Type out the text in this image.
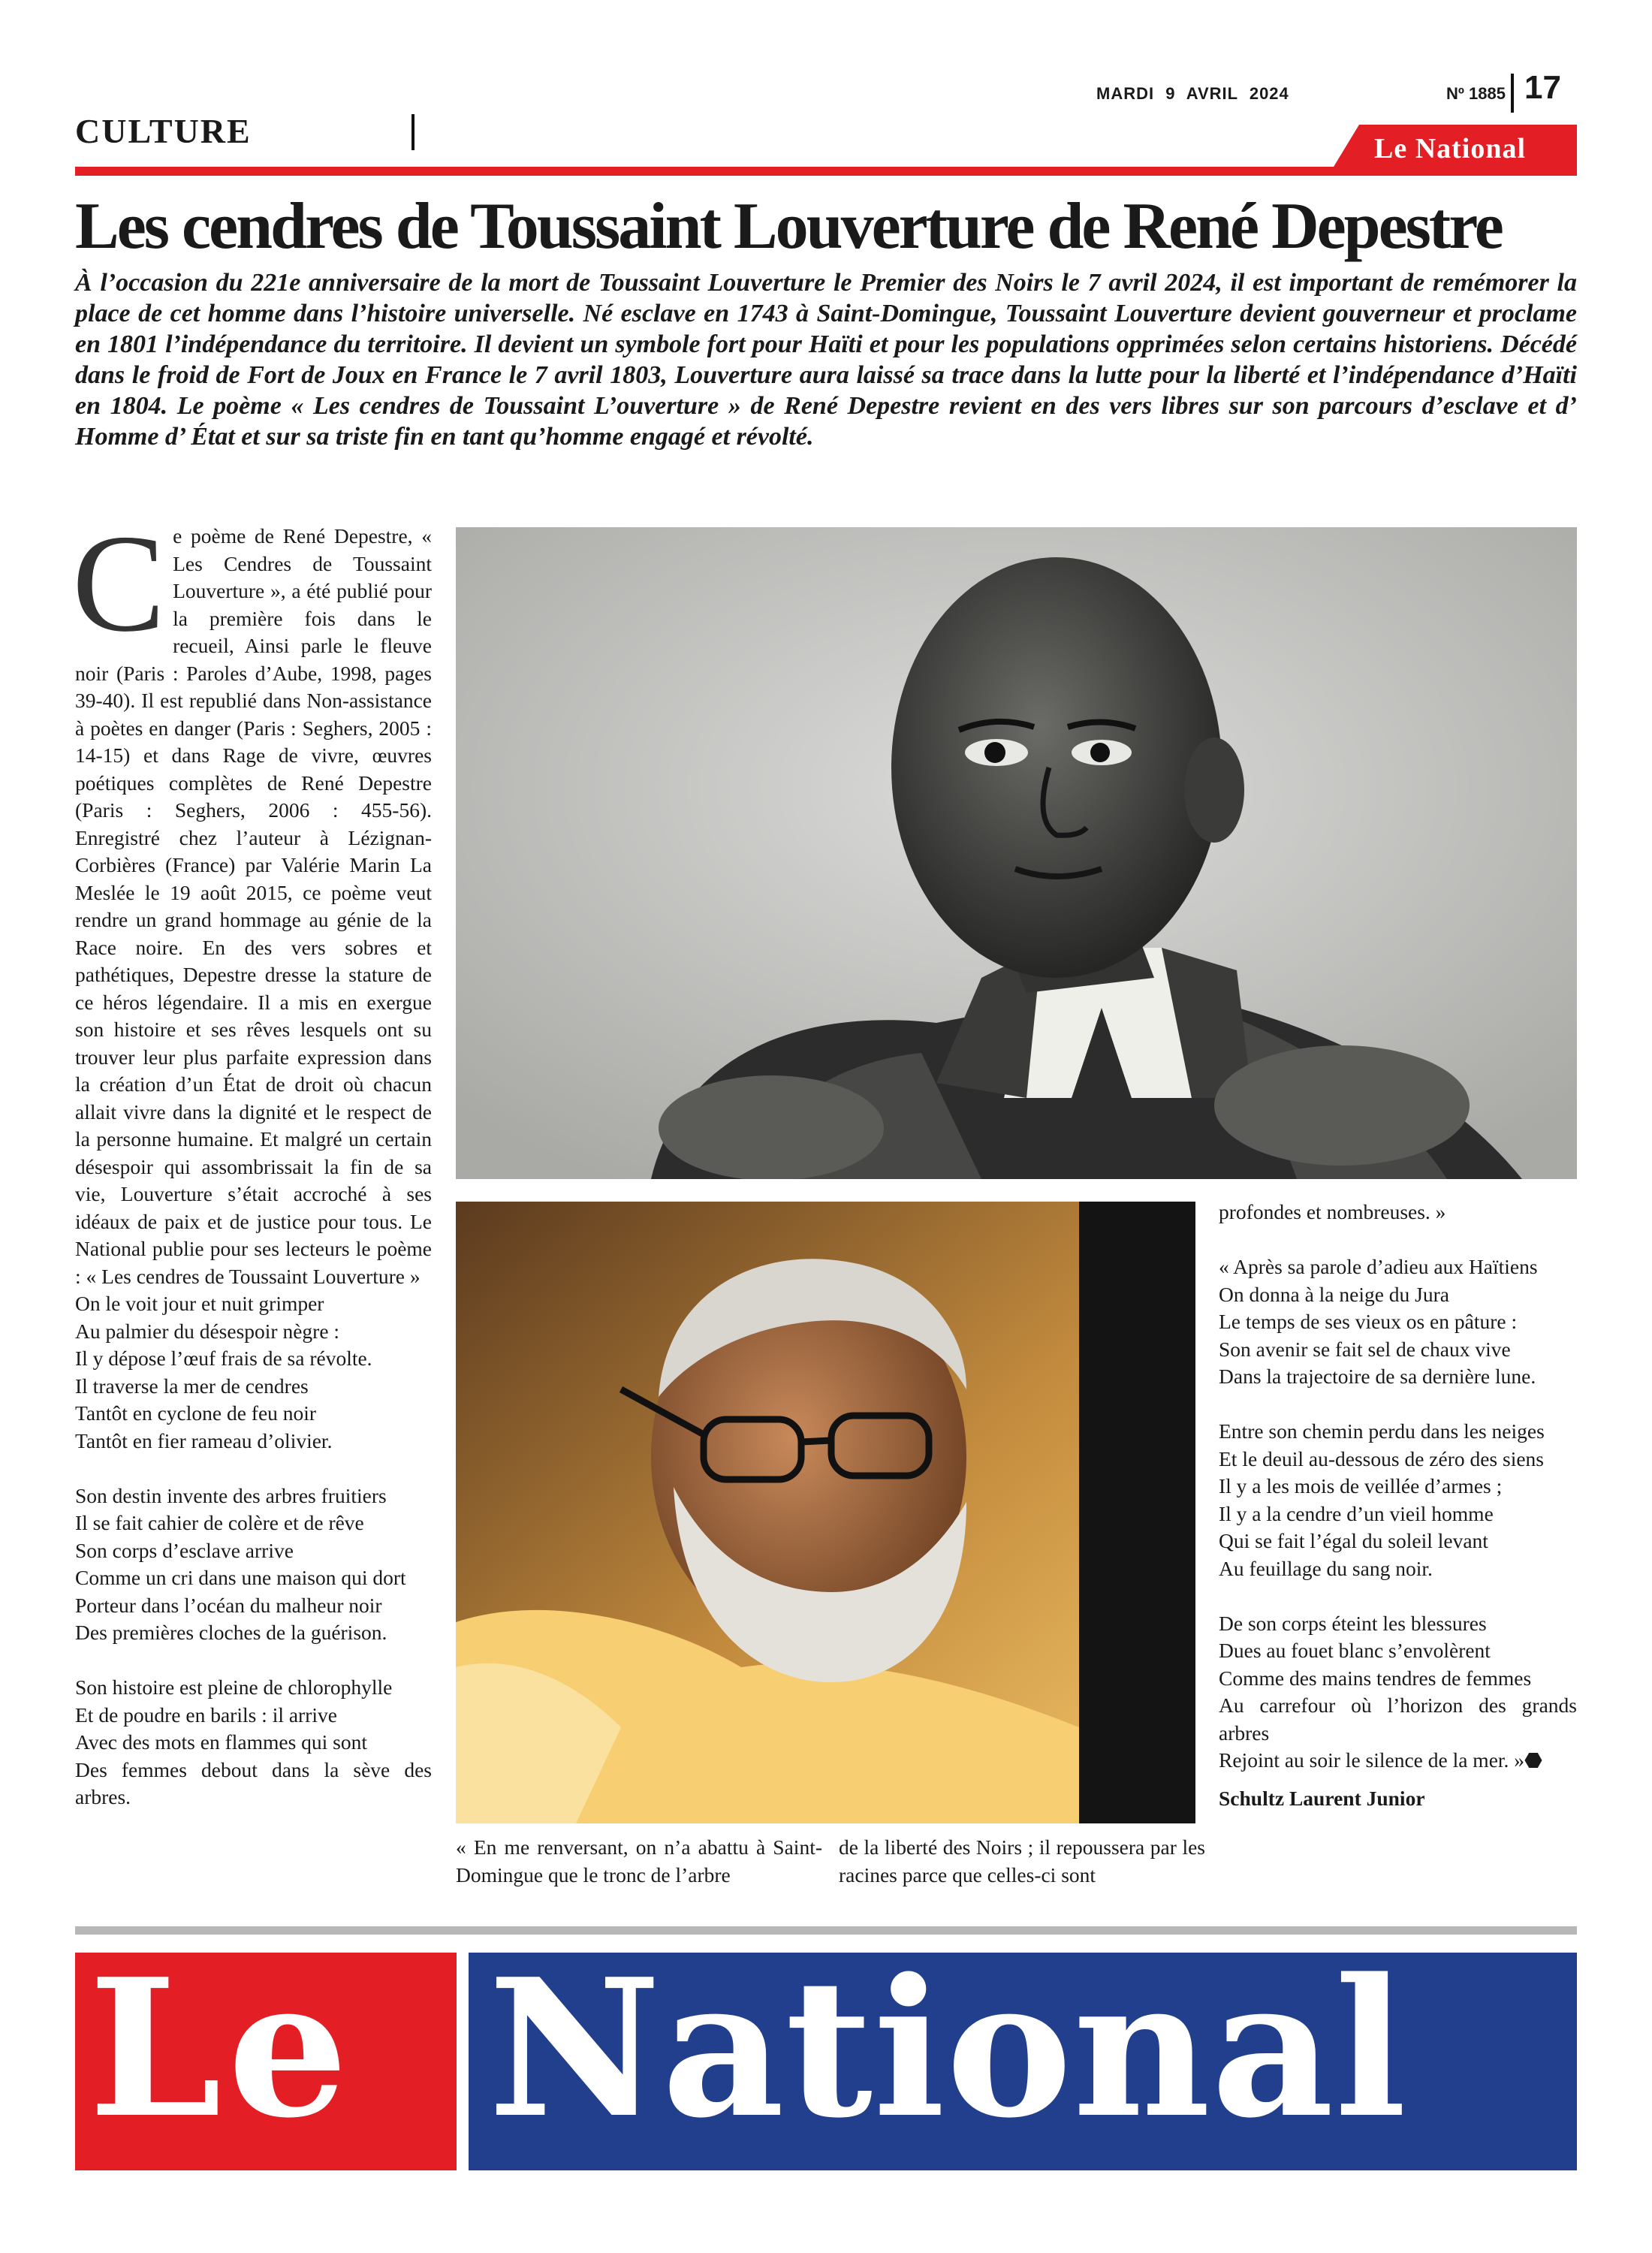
MARDI 9 AVRIL 2024	Nº 1885 17
CULTURE	Le National
Les cendres de Toussaint Louverture de René Depestre
À l’occasion du 221e anniversaire de la mort de Toussaint Louverture le Premier des Noirs le 7 avril 2024, il est important de remémorer la place de cet homme dans l’histoire universelle. Né esclave en 1743 à Saint-Domingue, Toussaint Louverture devient gouverneur et proclame en 1801 l’indépendance du territoire. Il devient un symbole fort pour Haïti et pour les populations opprimées selon certains historiens. Décédé dans le froid de Fort de Joux en France le 7 avril 1803, Louverture aura laissé sa trace dans la lutte pour la liberté et l’indépendance d’Haïti en 1804. Le poème « Les cendres de Toussaint L’ouverture » de René Depestre revient en des vers libres sur son parcours d’esclave et d’ Homme d’ État et sur sa triste fin en tant qu’homme engagé et révolté.

Ce poème de René Depestre, « Les Cendres de Toussaint Louverture », a été publié pour la première fois dans le recueil, Ainsi parle le fleuve noir (Paris : Paroles d’Aube, 1998, pages 39-40). Il est republié dans Non-assistance à poètes en danger (Paris : Seghers, 2005 : 14-15) et dans Rage de vivre, œuvres poétiques complètes de René Depestre (Paris : Seghers, 2006 : 455-56). Enregistré chez l’auteur à Lézignan-Corbières (France) par Valérie Marin La Meslée le 19 août 2015, ce poème veut rendre un grand hommage au génie de la Race noire. En des vers sobres et pathétiques, Depestre dresse la stature de ce héros légendaire. Il a mis en exergue son histoire et ses rêves lesquels ont su trouver leur plus parfaite expression dans la création d’un État de droit où chacun allait vivre dans la dignité et le respect de la personne humaine. Et malgré un certain désespoir qui assombrissait la fin de sa vie, Louverture s’était accroché à ses idéaux de paix et de justice pour tous. Le National publie pour ses lecteurs le poème : « Les cendres de Toussaint Louverture »

On le voit jour et nuit grimper
Au palmier du désespoir nègre :
Il y dépose l’œuf frais de sa révolte.
Il traverse la mer de cendres
Tantôt en cyclone de feu noir
Tantôt en fier rameau d’olivier.
Son destin invente des arbres fruitiers
Il se fait cahier de colère et de rêve
Son corps d’esclave arrive
Comme un cri dans une maison qui dort
Porteur dans l’océan du malheur noir
Des premières cloches de la guérison.
Son histoire est pleine de chlorophylle
Et de poudre en barils : il arrive
Avec des mots en flammes qui sont
Des femmes debout dans la sève des arbres.
« En me renversant, on n’a abattu à Saint-Domingue que le tronc de l’arbre
de la liberté des Noirs ; il repoussera par les racines parce que celles-ci sont
profondes et nombreuses. »
« Après sa parole d’adieu aux Haïtiens
On donna à la neige du Jura
Le temps de ses vieux os en pâture :
Son avenir se fait sel de chaux vive
Dans la trajectoire de sa dernière lune.
Entre son chemin perdu dans les neiges
Et le deuil au-dessous de zéro des siens
Il y a les mois de veillée d’armes ;
Il y a la cendre d’un vieil homme
Qui se fait l’égal du soleil levant
Au feuillage du sang noir.
De son corps éteint les blessures
Dues au fouet blanc s’envolèrent
Comme des mains tendres de femmes
Au carrefour où l’horizon des grands arbres
Rejoint au soir le silence de la mer. »⬣

Schultz Laurent Junior

Le National
